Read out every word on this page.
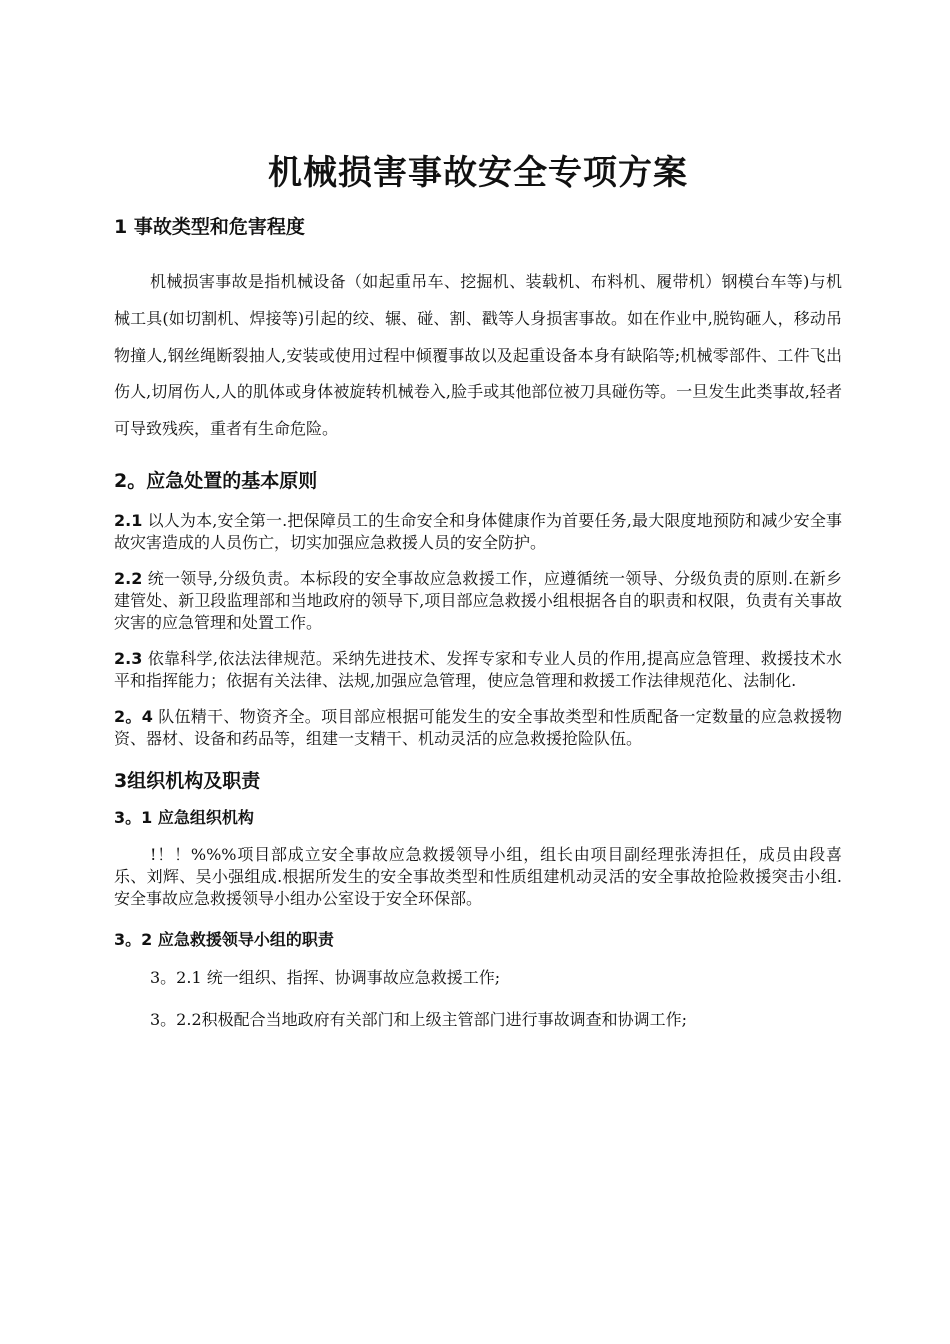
机械损害事故安全专项方案
1 事故类型和危害程度

机械损害事故是指机械设备（如起重吊车、挖掘机、装载机、布料机、履带机）钢模台车等)与机械工具(如切割机、焊接等)引起的绞、辗、碰、割、戳等人身损害事故。如在作业中,脱钩砸人，移动吊物撞人,钢丝绳断裂抽人,安装或使用过程中倾覆事故以及起重设备本身有缺陷等;机械零部件、工件飞出伤人,切屑伤人,人的肌体或身体被旋转机械卷入,脸手或其他部位被刀具碰伤等。一旦发生此类事故,轻者可导致残疾，重者有生命危险。

2。应急处置的基本原则

2.1 以人为本,安全第一.把保障员工的生命安全和身体健康作为首要任务,最大限度地预防和减少安全事故灾害造成的人员伤亡，切实加强应急救援人员的安全防护。

2.2 统一领导,分级负责。本标段的安全事故应急救援工作，应遵循统一领导、分级负责的原则.在新乡建管处、新卫段监理部和当地政府的领导下,项目部应急救援小组根据各自的职责和权限，负责有关事故灾害的应急管理和处置工作。

2.3 依靠科学,依法法律规范。采纳先进技术、发挥专家和专业人员的作用,提高应急管理、救援技术水平和指挥能力；依据有关法律、法规,加强应急管理，使应急管理和救援工作法律规范化、法制化.

2。4 队伍精干、物资齐全。项目部应根据可能发生的安全事故类型和性质配备一定数量的应急救援物资、器材、设备和药品等，组建一支精干、机动灵活的应急救援抢险队伍。

3组织机构及职责
3。1 应急组织机构

!！！%%%项目部成立安全事故应急救援领导小组，组长由项目副经理张涛担任，成员由段喜乐、刘辉、吴小强组成.根据所发生的安全事故类型和性质组建机动灵活的安全事故抢险救援突击小组.安全事故应急救援领导小组办公室设于安全环保部。

3。2 应急救援领导小组的职责

3。2.1 统一组织、指挥、协调事故应急救援工作;

3。2.2积极配合当地政府有关部门和上级主管部门进行事故调查和协调工作;
